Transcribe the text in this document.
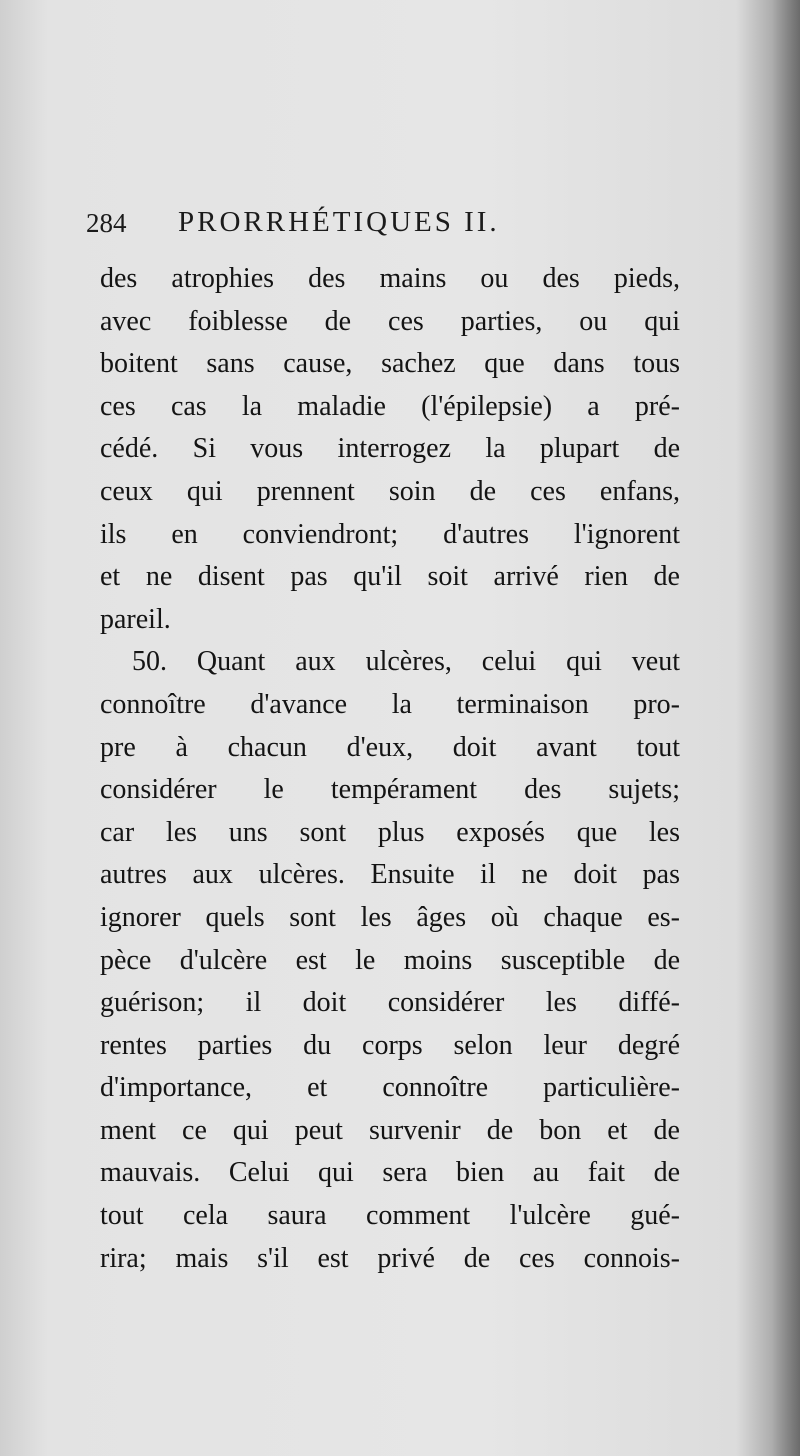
284 PRORRHÉTIQUES II.
des atrophies des mains ou des pieds,
avec foiblesse de ces parties, ou qui
boitent sans cause, sachez que dans tous
ces cas la maladie (l'épilepsie) a pré-
cédé. Si vous interrogez la plupart de
ceux qui prennent soin de ces enfans,
ils en conviendront; d'autres l'ignorent
et ne disent pas qu'il soit arrivé rien de
pareil.
50. Quant aux ulcères, celui qui veut
connoître d'avance la terminaison pro-
pre à chacun d'eux, doit avant tout
considérer le tempérament des sujets;
car les uns sont plus exposés que les
autres aux ulcères. Ensuite il ne doit pas
ignorer quels sont les âges où chaque es-
pèce d'ulcère est le moins susceptible de
guérison; il doit considérer les diffé-
rentes parties du corps selon leur degré
d'importance, et connoître particulière-
ment ce qui peut survenir de bon et de
mauvais. Celui qui sera bien au fait de
tout cela saura comment l'ulcère gué-
rira; mais s'il est privé de ces connois-
